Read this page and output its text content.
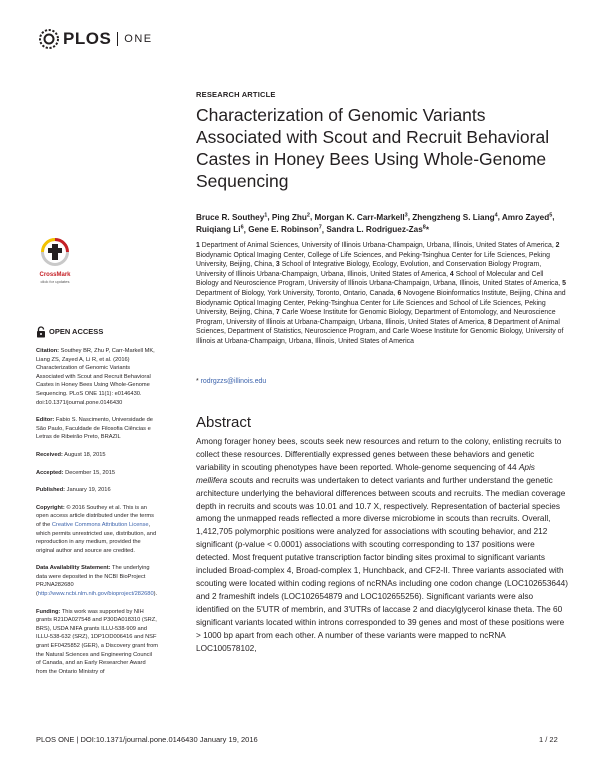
PLOS ONE
RESEARCH ARTICLE
Characterization of Genomic Variants Associated with Scout and Recruit Behavioral Castes in Honey Bees Using Whole-Genome Sequencing
Bruce R. Southey$^1$, Ping Zhu$^2$, Morgan K. Carr-Markell$^3$, Zhengzheng S. Liang$^4$, Amro Zayed$^5$, Ruiqiang Li$^6$, Gene E. Robinson$^7$, Sandra L. Rodriguez-Zas$^8$*
1 Department of Animal Sciences, University of Illinois Urbana-Champaign, Urbana, Illinois, United States of America, 2 Biodynamic Optical Imaging Center, College of Life Sciences, and Peking-Tsinghua Center for Life Sciences, Peking University, Beijing, China, 3 School of Integrative Biology, Ecology, Evolution, and Conservation Biology Program, University of Illinois Urbana-Champaign, Urbana, Illinois, United States of America, 4 School of Molecular and Cell Biology and Neuroscience Program, University of Illinois Urbana-Champaign, Urbana, Illinois, United States of America, 5 Department of Biology, York University, Toronto, Ontario, Canada, 6 Novogene Bioinformatics Institute, Beijing, China and Biodynamic Optical Imaging Center, Peking-Tsinghua Center for Life Sciences and School of Life Sciences, Peking University, Beijing, China, 7 Carle Woese Institute for Genomic Biology, Department of Entomology, and Neuroscience Program, University of Illinois at Urbana-Champaign, Urbana, Illinois, United States of America, 8 Department of Animal Sciences, Department of Statistics, Neuroscience Program, and Carle Woese Institute for Genomic Biology, University of Illinois at Urbana-Champaign, Urbana, Illinois, United States of America
* rodrgzzs@illinois.edu
Abstract

Among forager honey bees, scouts seek new resources and return to the colony, enlisting recruits to collect these resources. Differentially expressed genes between these behaviors and genetic variability in scouting phenotypes have been reported. Whole-genome sequencing of 44 Apis mellifera scouts and recruits was undertaken to detect variants and further understand the genetic architecture underlying the behavioral differences between scouts and recruits. The median coverage depth in recruits and scouts was 10.01 and 10.7 X, respectively. Representation of bacterial species among the unmapped reads reflected a more diverse microbiome in scouts than recruits. Overall, 1,412,705 polymorphic positions were analyzed for associations with scouting behavior, and 212 significant (p-value < 0.0001) associations with scouting corresponding to 137 positions were detected. Most frequent putative transcription factor binding sites proximal to significant variants included Broad-complex 4, Broad-complex 1, Hunchback, and CF2-II. Three variants associated with scouting were located within coding regions of ncRNAs including one codon change (LOC102653644) and 2 frameshift indels (LOC102654879 and LOC102655256). Significant variants were also identified on the 5'UTR of membrin, and 3'UTRs of laccase 2 and diacylglycerol kinase theta. The 60 significant variants located within introns corresponded to 39 genes and most of these positions were > 1000 bp apart from each other. A number of these variants were mapped to ncRNA LOC100578102,

CrossMark
click for updates
OPEN ACCESS

Citation: Southey BR, Zhu P, Carr-Markell MK, Liang ZS, Zayed A, Li R, et al. (2016) Characterization of Genomic Variants Associated with Scout and Recruit Behavioral Castes in Honey Bees Using Whole-Genome Sequencing. PLoS ONE 11(1): e0146430. doi:10.1371/journal.pone.0146430

Editor: Fabio S. Nascimento, Universidade de São Paulo, Faculdade de Filosofia Ciências e Letras de Ribeirão Preto, BRAZIL

Received: August 18, 2015

Accepted: December 15, 2015

Published: January 19, 2016

Copyright: © 2016 Southey et al. This is an open access article distributed under the terms of the Creative Commons Attribution License, which permits unrestricted use, distribution, and reproduction in any medium, provided the original author and source are credited.

Data Availability Statement: The underlying data were deposited in the NCBI BioProject PRJNA282680 (http://www.ncbi.nlm.nih.gov/bioproject/282680).

Funding: This work was supported by NIH grants R21DA027548 and P30DA018310 (SRZ, BRS), USDA NIFA grants ILLU-538-909 and ILLU-538-632 (SRZ), 1DP1OD006416 and NSF grant EF0425852 (GER), a Discovery grant from the Natural Sciences and Engineering Council of Canada, and an Early Researcher Award from the Ontario Ministry of

PLOS ONE | DOI:10.1371/journal.pone.0146430 January 19, 2016	1 / 22
